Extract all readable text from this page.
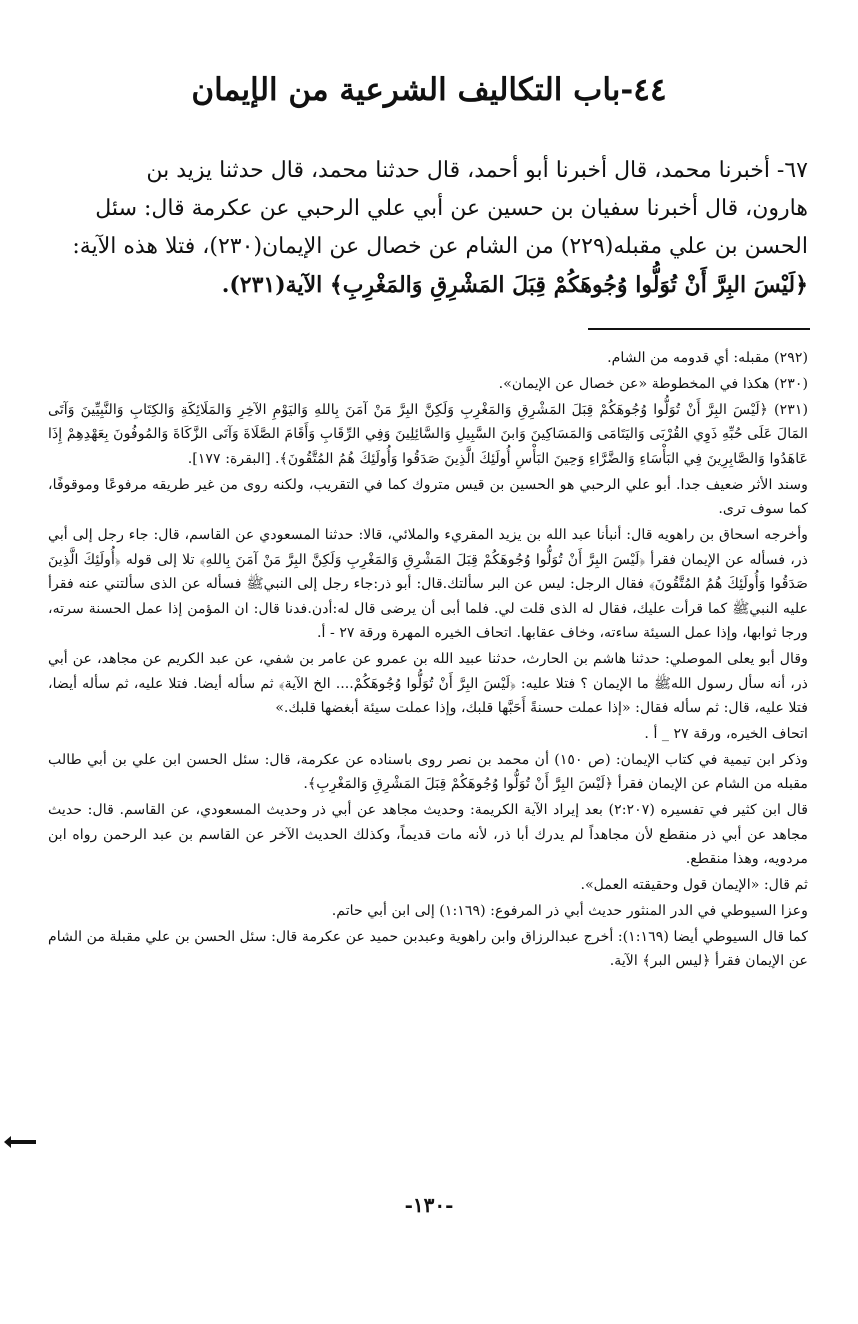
٤٤-باب التكاليف الشرعية من الإيمان
٦٧- أخبرنا محمد، قال أخبرنا أبو أحمد، قال حدثنا محمد، قال حدثنا يزيد بن
هارون، قال أخبرنا سفيان بن حسين عن أبي علي الرحبي عن عكرمة قال: سئل
الحسن بن علي مقبله(٢٢٩) من الشام عن خصال عن الإيمان(٢٣٠)، فتلا هذه الآية:
﴿لَيْسَ البِرَّ أَنْ تُوَلُّوا وُجُوهَكُمْ قِبَلَ المَشْرِقِ وَالمَغْرِبِ﴾ الآية(٢٣١).

(٢٩٢) مقبله: أي قدومه من الشام.

(٢٣٠) هكذا في المخطوطة «عن خصال عن الإيمان».

(٢٣١) ﴿لَيْسَ البِرَّ أَنْ تُوَلُّوا وُجُوهَكُمْ قِبَلَ المَشْرِقِ وَالمَغْرِبِ وَلَكِنَّ البِرَّ مَنْ آمَنَ بِاللهِ وَاليَوْمِ الآخِرِ وَالمَلَائِكَةِ وَالكِتَابِ وَالنَّبِيِّينَ وَآتَى المَالَ عَلَى حُبِّهِ ذَوِي القُرْبَى وَاليَتَامَى وَالمَسَاكِينَ وَابنَ السَّبِيلِ وَالسَّائِلِينَ وَفِي الرِّقَابِ وَأَقَامَ الصَّلَاةَ وَآتَى الزَّكَاةَ وَالمُوفُونَ بِعَهْدِهِمْ إِذَا عَاهَدُوا وَالصَّابِرِينَ فِي البَأْسَاءِ وَالضَّرَّاءِ وَحِينَ البَأْسِ أُولَئِكَ الَّذِينَ صَدَقُوا وَأُولَئِكَ هُمُ المُتَّقُونَ﴾. [البقرة: ١٧٧].

وسند الأثر ضعيف جدا. أبو علي الرحبي هو الحسين بن قيس متروك كما في التقريب، ولكنه روى من غير طريقه مرفوعًا وموقوفًا، كما سوف ترى.

وأخرجه اسحاق بن راهويه قال: أنبأنا عبد الله بن يزيد المقريء والملائي، قالا: حدثنا المسعودي عن القاسم، قال: جاء رجل إلى أبي ذر، فسأله عن الإيمان فقرأ ﴿لَيْسَ البِرَّ أَنْ تُوَلُّوا وُجُوهَكُمْ قِبَلَ المَشْرِقِ وَالمَغْرِبِ وَلَكِنَّ البِرَّ مَنْ آمَنَ بِاللهِ﴾ تلا إلى قوله ﴿أُولَئِكَ الَّذِينَ صَدَقُوا وَأُولَئِكَ هُمُ المُتَّقُونَ﴾ فقال الرجل: ليس عن البر سألتك.قال: أبو ذر:جاء رجل إلى النبيﷺ فسأله عن الذى سألتني عنه فقرأ عليه النبيﷺ كما قرأت عليك، فقال له الذى قلت لي. فلما أبى أن يرضى قال له:أدن.فدنا قال: ان المؤمن إذا عمل الحسنة سرته، ورجا ثوابها، وإذا عمل السيئة ساءته، وخاف عقابها. اتحاف الخيره المهرة ورقة ٢٧ - أ.

وقال أبو يعلى الموصلي: حدثنا هاشم بن الحارث، حدثنا عبيد الله بن عمرو عن عامر بن شفي، عن عبد الكريم عن مجاهد، عن أبي ذر، أنه سأل رسول اللهﷺ ما الإيمان ؟ فتلا عليه: ﴿لَيْسَ البِرَّ أَنْ تُوَلُّوا وُجُوهَكُمْ.... الخ الآية﴾ ثم سأله أيضا. فتلا عليه، ثم سأله أيضا، فتلا عليه، قال: ثم سأله فقال: «إذا عملت حسنةً أَحَبَّها قلبك، وإذا عملت سيئة أبغضها قلبك.»

اتحاف الخيره، ورقة ٢٧ _ أ .

وذكر ابن تيمية في كتاب الإيمان: (ص ١٥٠) أن محمد بن نصر روى باسناده عن عكرمة، قال: سئل الحسن ابن علي بن أبي طالب مقبله من الشام عن الإيمان فقرأ ﴿لَيْسَ البِرَّ أَنْ تُوَلُّوا وُجُوهَكُمْ قِبَلَ المَشْرِقِ وَالمَغْرِبِ﴾.

قال ابن كثير في تفسيره (٢:٢٠٧) بعد إيراد الآية الكريمة: وحديث مجاهد عن أبي ذر وحديث المسعودي، عن القاسم. قال: حديث مجاهد عن أبي ذر منقطع لأن مجاهداً لم يدرك أبا ذر، لأنه مات قديماً، وكذلك الحديث الآخر عن القاسم بن عبد الرحمن رواه ابن مردويه، وهذا منقطع.

ثم قال: «الإيمان قول وحقيقته العمل».

وعزا السيوطي في الدر المنثور حديث أبي ذر المرفوع: (١:١٦٩) إلى ابن أبي حاتم.

كما قال السيوطي أيضا (١:١٦٩): أخرج عبدالرزاق وابن راهوية وعبدبن حميد عن عكرمة قال: سئل الحسن بن علي مقبلة من الشام عن الإيمان فقرأ ﴿ليس البر﴾ الآية.

-١٣٠-
